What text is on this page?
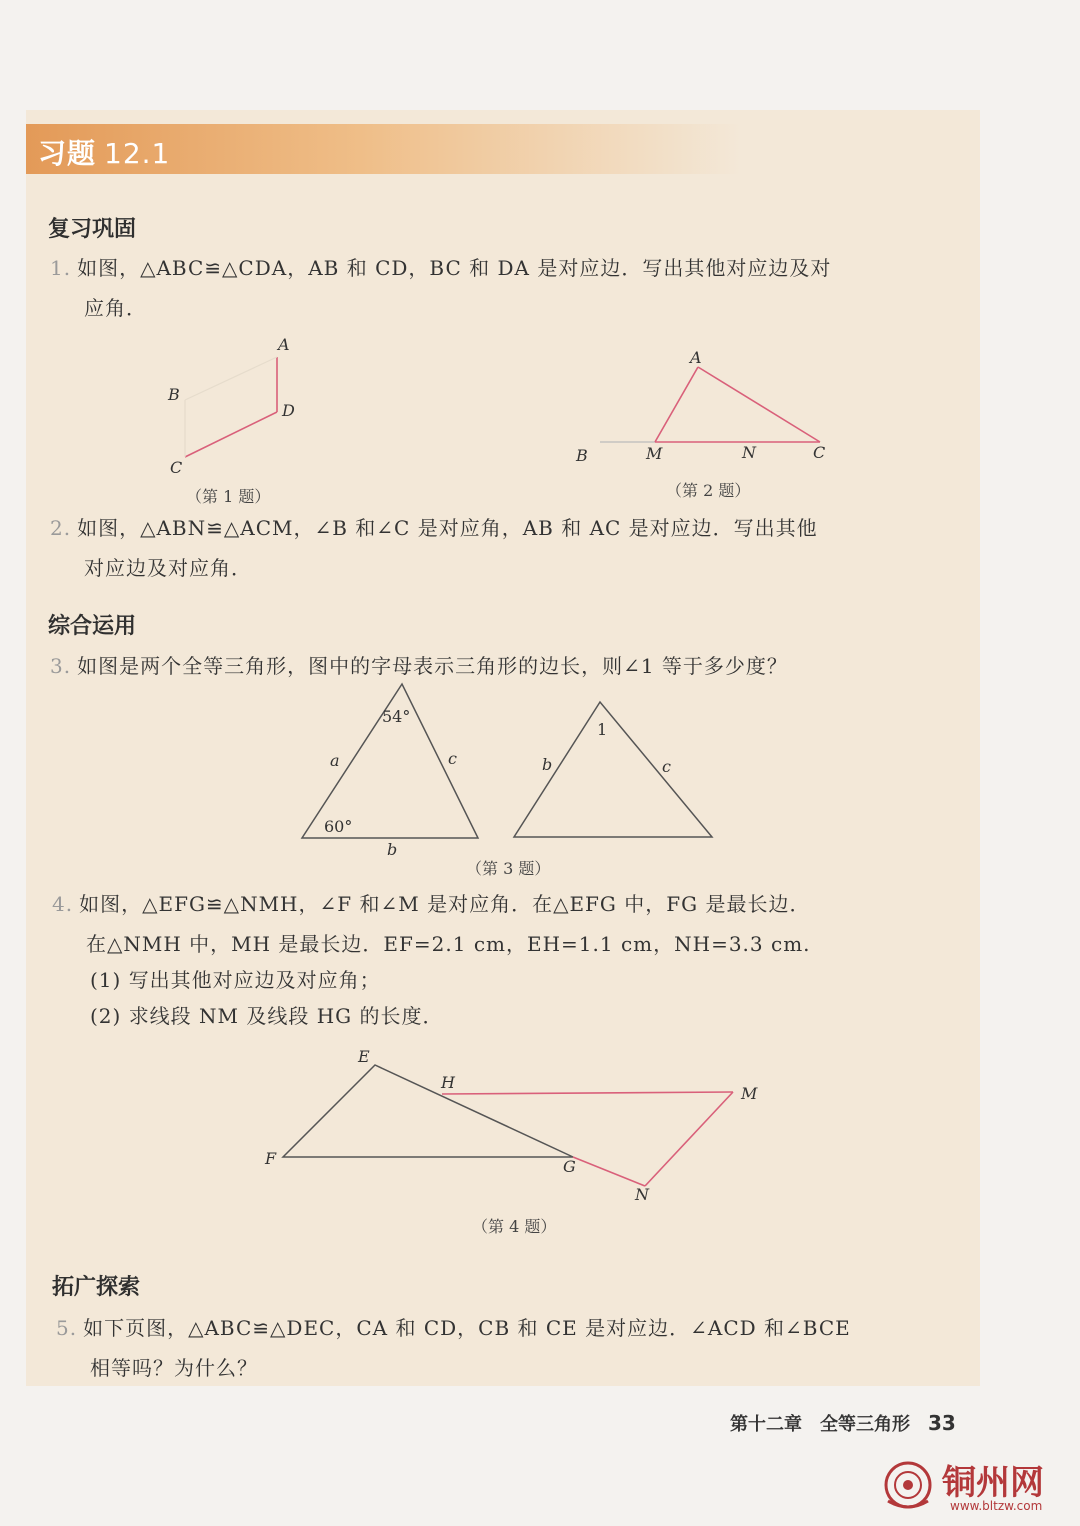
习题 12.1
复习巩固
1. 如图，△ABC≌△CDA，AB 和 CD，BC 和 DA 是对应边．写出其他对应边及对
应角．
A
B
D
C
（第 1 题）
A
B	M	N	C
（第 2 题）
2. 如图，△ABN≌△ACM，∠B 和∠C 是对应角，AB 和 AC 是对应边．写出其他
对应边及对应角．
综合运用
3. 如图是两个全等三角形，图中的字母表示三角形的边长，则∠1 等于多少度？
54°
60°
a	c
b
1
b	c
（第 3 题）
4. 如图，△EFG≌△NMH，∠F 和∠M 是对应角．在△EFG 中，FG 是最长边．
在△NMH 中，MH 是最长边．EF=2.1 cm，EH=1.1 cm，NH=3.3 cm.
(1) 写出其他对应边及对应角；
(2) 求线段 NM 及线段 HG 的长度．
E
H
M
F	G
N
（第 4 题）
拓广探索
5. 如下页图，△ABC≌△DEC，CA 和 CD，CB 和 CE 是对应边．∠ACD 和∠BCE
相等吗？为什么？
第十二章　全等三角形 33
铜州网
www.bltzw.com
